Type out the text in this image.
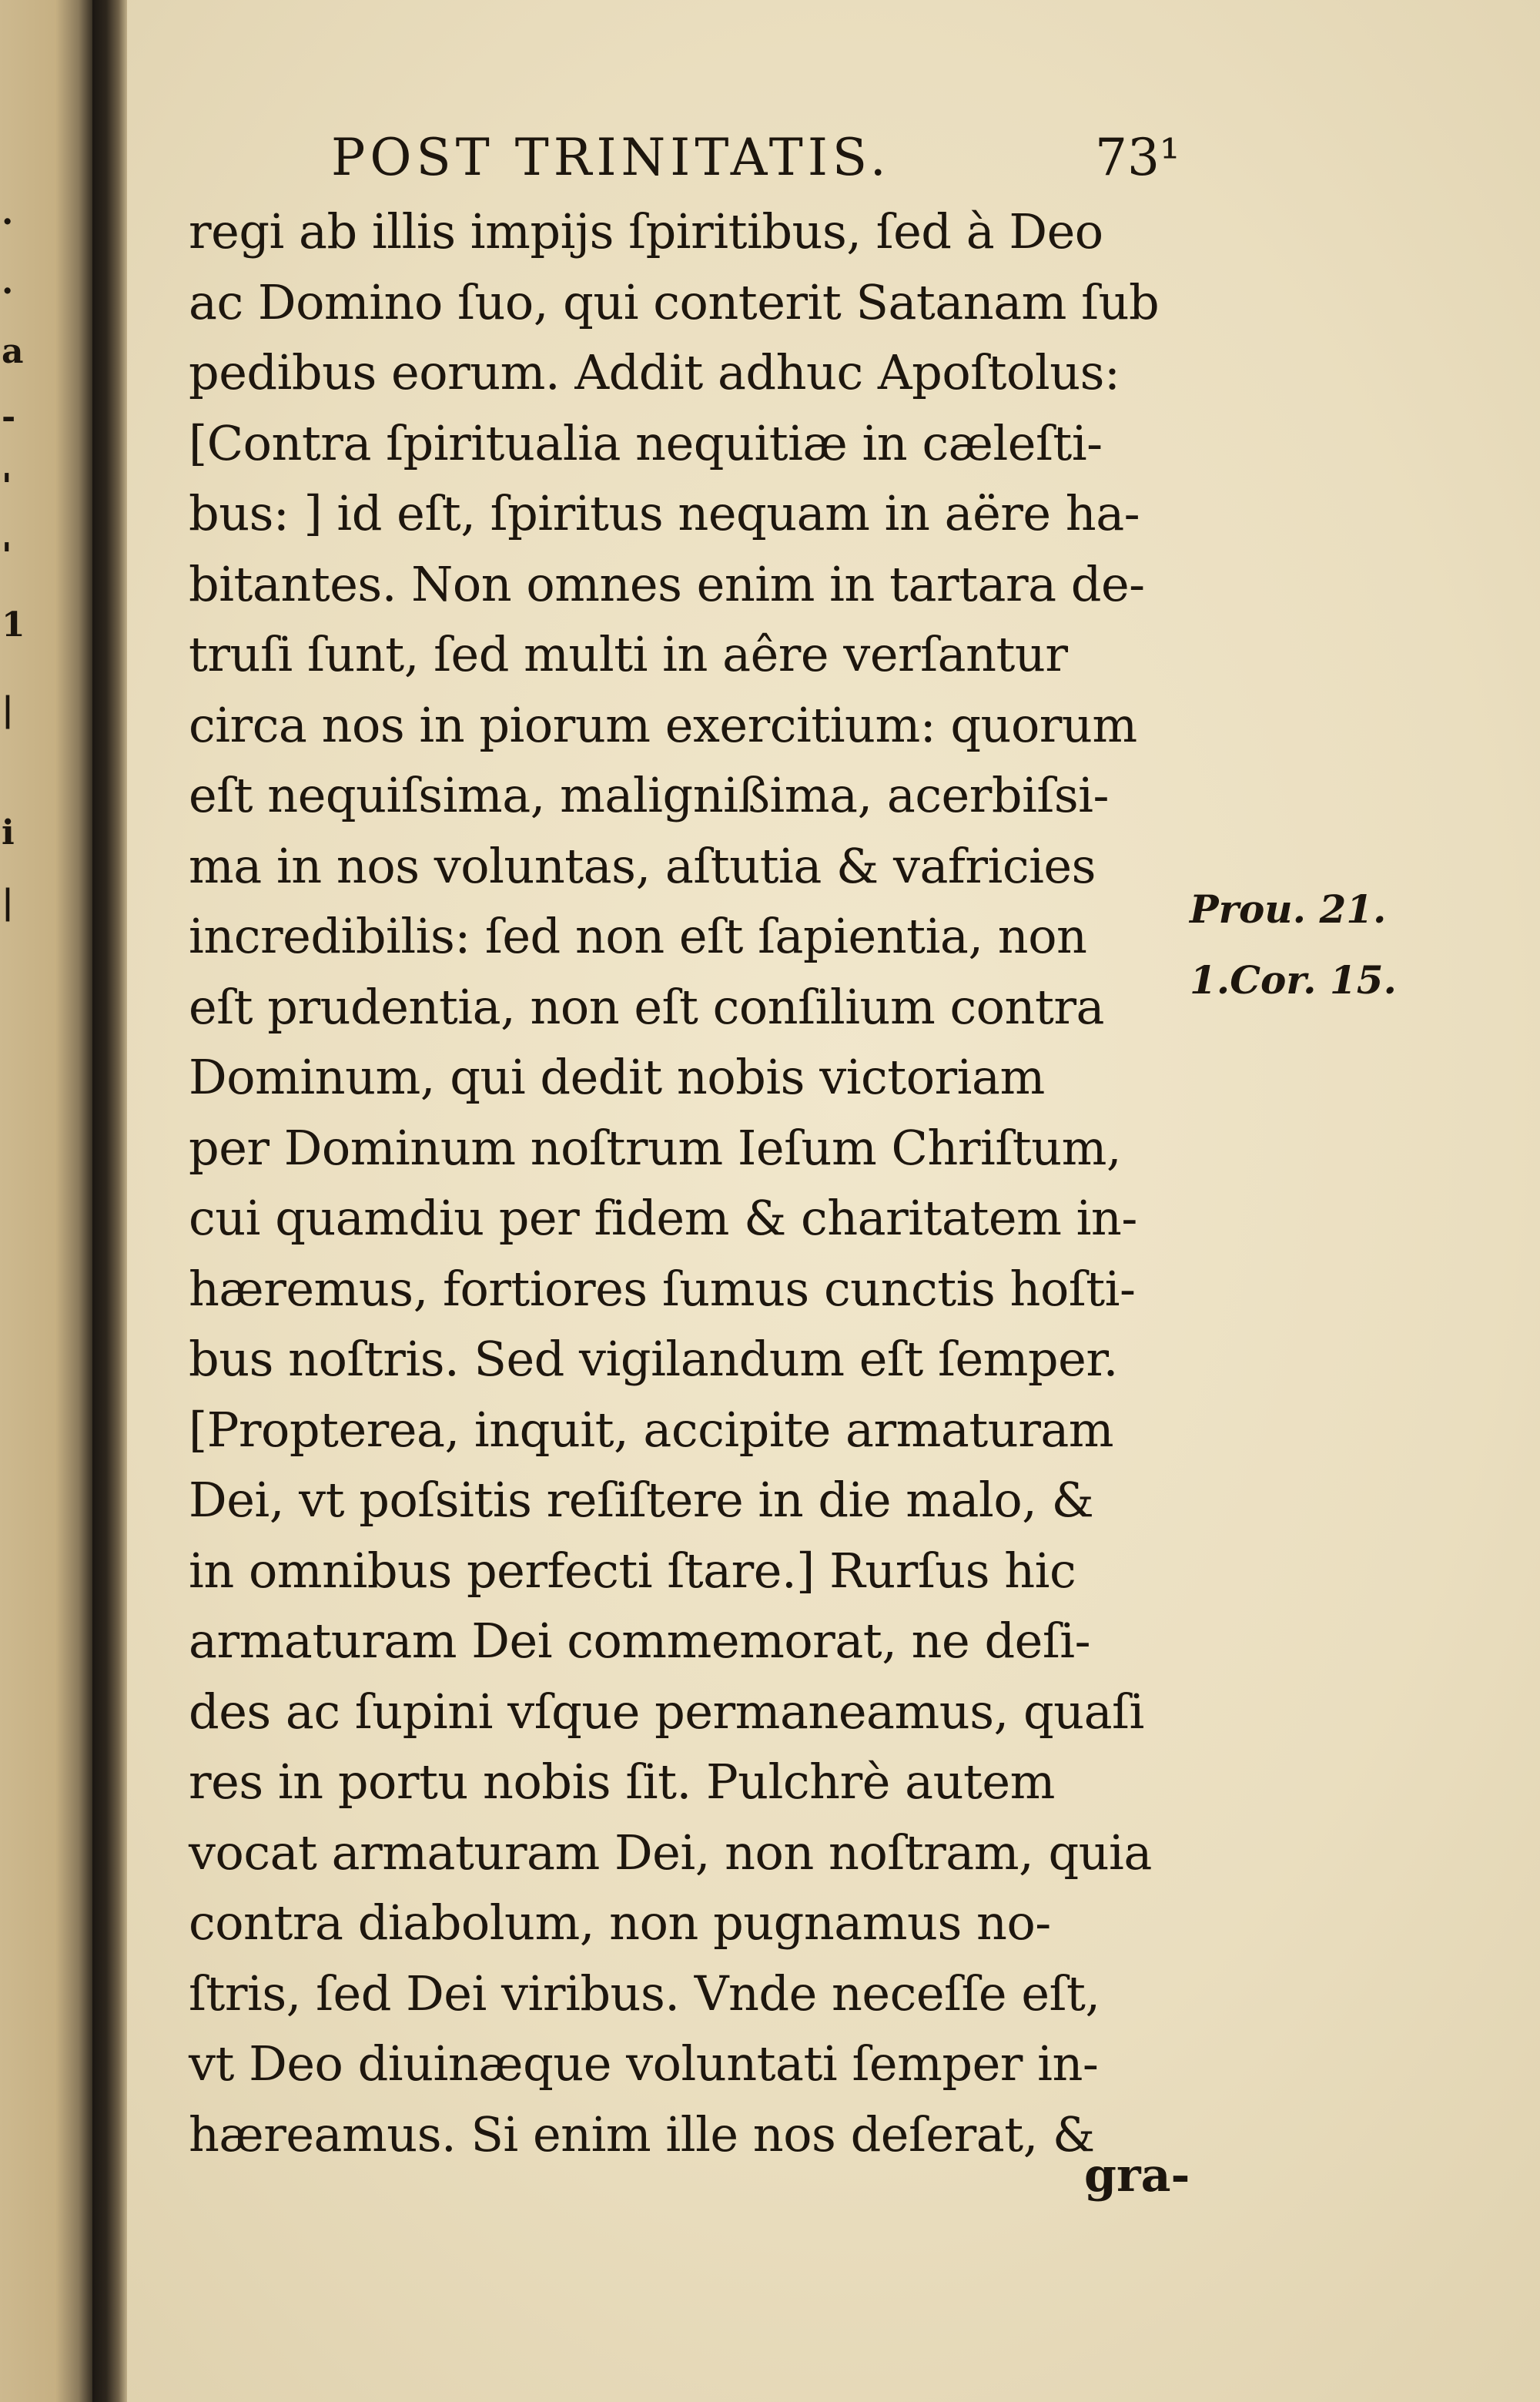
.
.
a
-
'
'
1
|
i
|
POST TRINITATIS.	73¹
regi ab illis impijs ſpiritibus, ſed à Deo
ac Domino ſuo, qui conterit Satanam ſub
pedibus eorum. Addit adhuc Apoſtolus:
[Contra ſpiritualia nequitiæ in cæleſti-
bus: ] id eſt, ſpiritus nequam in aëre ha-
bitantes. Non omnes enim in tartara de-
truſi ſunt, ſed multi in aêre verſantur
circa nos in piorum exercitium: quorum
eſt nequiſsima, malignißima, acerbiſsi-
ma in nos voluntas, aſtutia & vafricies
incredibilis: ſed non eſt ſapientia, non
eſt prudentia, non eſt conſilium contra
Dominum, qui dedit nobis victoriam
per Dominum noſtrum Ieſum Chriſtum,
cui quamdiu per fidem & charitatem in-
hæremus, fortiores ſumus cunctis hoſti-
bus noſtris. Sed vigilandum eſt ſemper.
[Propterea, inquit, accipite armaturam
Dei, vt poſsitis reſiſtere in die malo, &
in omnibus perfecti ſtare.] Rurſus hic
armaturam Dei commemorat, ne deſi-
des ac ſupini vſque permaneamus, quaſi
res in portu nobis ſit. Pulchrè autem
vocat armaturam Dei, non noſtram, quia
contra diabolum, non pugnamus no-
ſtris, ſed Dei viribus. Vnde neceſſe eſt,
vt Deo diuinæque voluntati ſemper in-
hæreamus. Si enim ille nos deſerat, &
Prou. 21.
1.Cor. 15.
gra-
